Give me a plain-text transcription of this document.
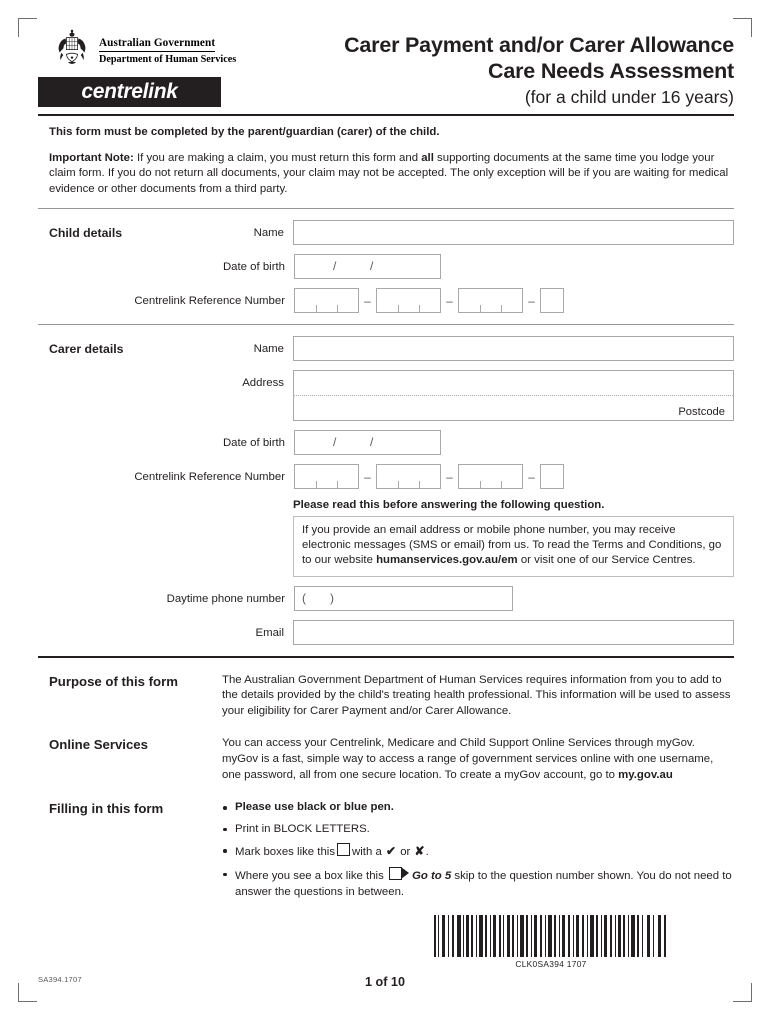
Australian Government
Department of Human Services
centrelink
Carer Payment and/or Carer Allowance
Care Needs Assessment
(for a child under 16 years)

This form must be completed by the parent/guardian (carer) of the child.

Important Note: If you are making a claim, you must return this form and all supporting documents at the same time you lodge your claim form. If you do not return all documents, your claim may not be accepted. The only exception will be if you are waiting for medical evidence or other documents from a third party.

Child details	Name
Date of birth	/	/
Centrelink Reference Number	–	–	–
Carer details	Name
Address
Postcode
Date of birth	/	/
Centrelink Reference Number	–	–	–
Please read this before answering the following question.

If you provide an email address or mobile phone number, you may receive electronic messages (SMS or email) from us. To read the Terms and Conditions, go to our website humanservices.gov.au/em or visit one of our Service Centres.

Daytime phone number	( )
Email
Purpose of this form	The Australian Government Department of Human Services requires information from you to add to the details provided by the child's treating health professional. This information will be used to assess your eligibility for Carer Payment and/or Carer Allowance.

Online Services	You can access your Centrelink, Medicare and Child Support Online Services through myGov. myGov is a fast, simple way to access a range of government services online with one username, one password, all from one secure location. To create a myGov account, go to my.gov.au

Filling in this form	Please use black or blue pen.
Print in BLOCK LETTERS.
Mark boxes like this with a ✔ or ✘.
Where you see a box like this Go to 5 skip to the question number shown. You do not need to answer the questions in between.
CLK0SA394 1707
SA394.1707	1 of 10
